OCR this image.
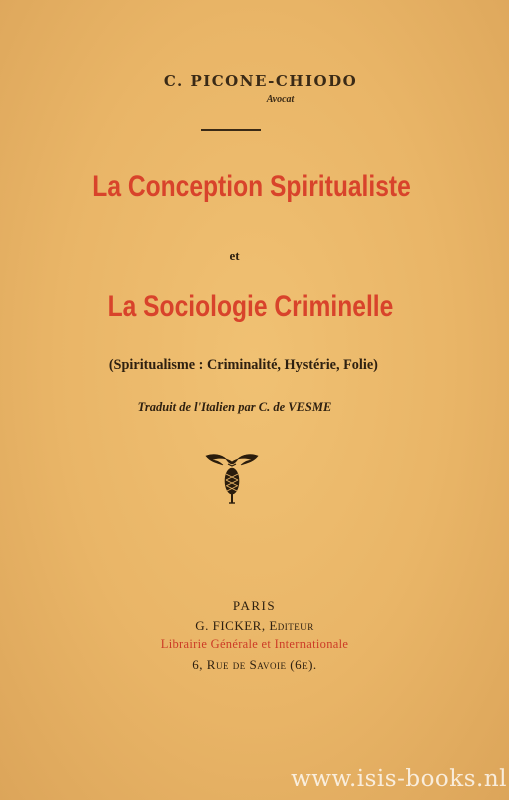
C. PICONE-CHIODO
Avocat
La Conception Spiritualiste
et
La Sociologie Criminelle
(Spiritualisme : Criminalité, Hystérie, Folie)
Traduit de l'Italien par C. de VESME
PARIS
G. FICKER, Editeur
Librairie Générale et Internationale
6, Rue de Savoie (6e).
www.isis-books.nl
